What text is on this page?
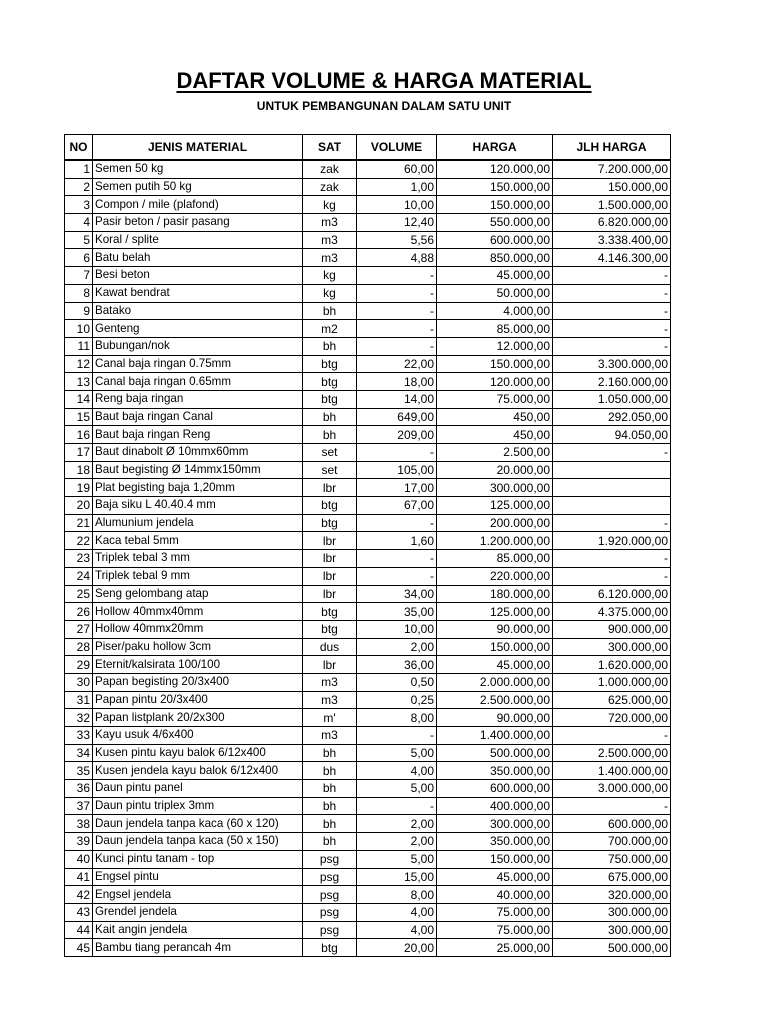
DAFTAR VOLUME & HARGA MATERIAL
UNTUK PEMBANGUNAN DALAM SATU UNIT
NO	JENIS MATERIAL	SAT	VOLUME	HARGA	JLH HARGA
1	Semen 50 kg	zak	60,00	120.000,00	7.200.000,00
2	Semen putih 50 kg	zak	1,00	150.000,00	150.000,00
3	Compon / mile (plafond)	kg	10,00	150.000,00	1.500.000,00
4	Pasir beton / pasir pasang	m3	12,40	550.000,00	6.820.000,00
5	Koral / splite	m3	5,56	600.000,00	3.338.400,00
6	Batu belah	m3	4,88	850.000,00	4.146.300,00
7	Besi beton	kg	-	45.000,00	-
8	Kawat bendrat	kg	-	50.000,00	-
9	Batako	bh	-	4.000,00	-
10	Genteng	m2	-	85.000,00	-
11	Bubungan/nok	bh	-	12.000,00	-
12	Canal baja ringan 0.75mm	btg	22,00	150.000,00	3.300.000,00
13	Canal baja ringan 0.65mm	btg	18,00	120.000,00	2.160.000,00
14	Reng baja ringan	btg	14,00	75.000,00	1.050.000,00
15	Baut baja ringan Canal	bh	649,00	450,00	292.050,00
16	Baut baja ringan Reng	bh	209,00	450,00	94.050,00
17	Baut dinabolt Ø 10mmx60mm	set	-	2.500,00	-
18	Baut begisting Ø 14mmx150mm	set	105,00	20.000,00	
19	Plat begisting baja 1,20mm	lbr	17,00	300.000,00	
20	Baja siku L 40.40.4 mm	btg	67,00	125.000,00	
21	Alumunium jendela	btg	-	200.000,00	-
22	Kaca tebal 5mm	lbr	1,60	1.200.000,00	1.920.000,00
23	Triplek tebal 3 mm	lbr	-	85.000,00	-
24	Triplek tebal 9 mm	lbr	-	220.000,00	-
25	Seng gelombang atap	lbr	34,00	180.000,00	6.120.000,00
26	Hollow 40mmx40mm	btg	35,00	125.000,00	4.375.000,00
27	Hollow 40mmx20mm	btg	10,00	90.000,00	900.000,00
28	Piser/paku hollow 3cm	dus	2,00	150.000,00	300.000,00
29	Eternit/kalsirata 100/100	lbr	36,00	45.000,00	1.620.000,00
30	Papan begisting 20/3x400	m3	0,50	2.000.000,00	1.000.000,00
31	Papan pintu 20/3x400	m3	0,25	2.500.000,00	625.000,00
32	Papan listplank 20/2x300	m'	8,00	90.000,00	720.000,00
33	Kayu usuk 4/6x400	m3	-	1.400.000,00	-
34	Kusen pintu kayu balok 6/12x400	bh	5,00	500.000,00	2.500.000,00
35	Kusen jendela kayu balok 6/12x400	bh	4,00	350.000,00	1.400.000,00
36	Daun pintu panel	bh	5,00	600.000,00	3.000.000,00
37	Daun pintu triplex 3mm	bh	-	400.000,00	-
38	Daun jendela tanpa kaca (60 x 120)	bh	2,00	300.000,00	600.000,00
39	Daun jendela tanpa kaca (50 x 150)	bh	2,00	350.000,00	700.000,00
40	Kunci pintu tanam - top	psg	5,00	150.000,00	750.000,00
41	Engsel pintu	psg	15,00	45.000,00	675.000,00
42	Engsel jendela	psg	8,00	40.000,00	320.000,00
43	Grendel jendela	psg	4,00	75.000,00	300.000,00
44	Kait angin jendela	psg	4,00	75.000,00	300.000,00
45	Bambu tiang perancah 4m	btg	20,00	25.000,00	500.000,00
